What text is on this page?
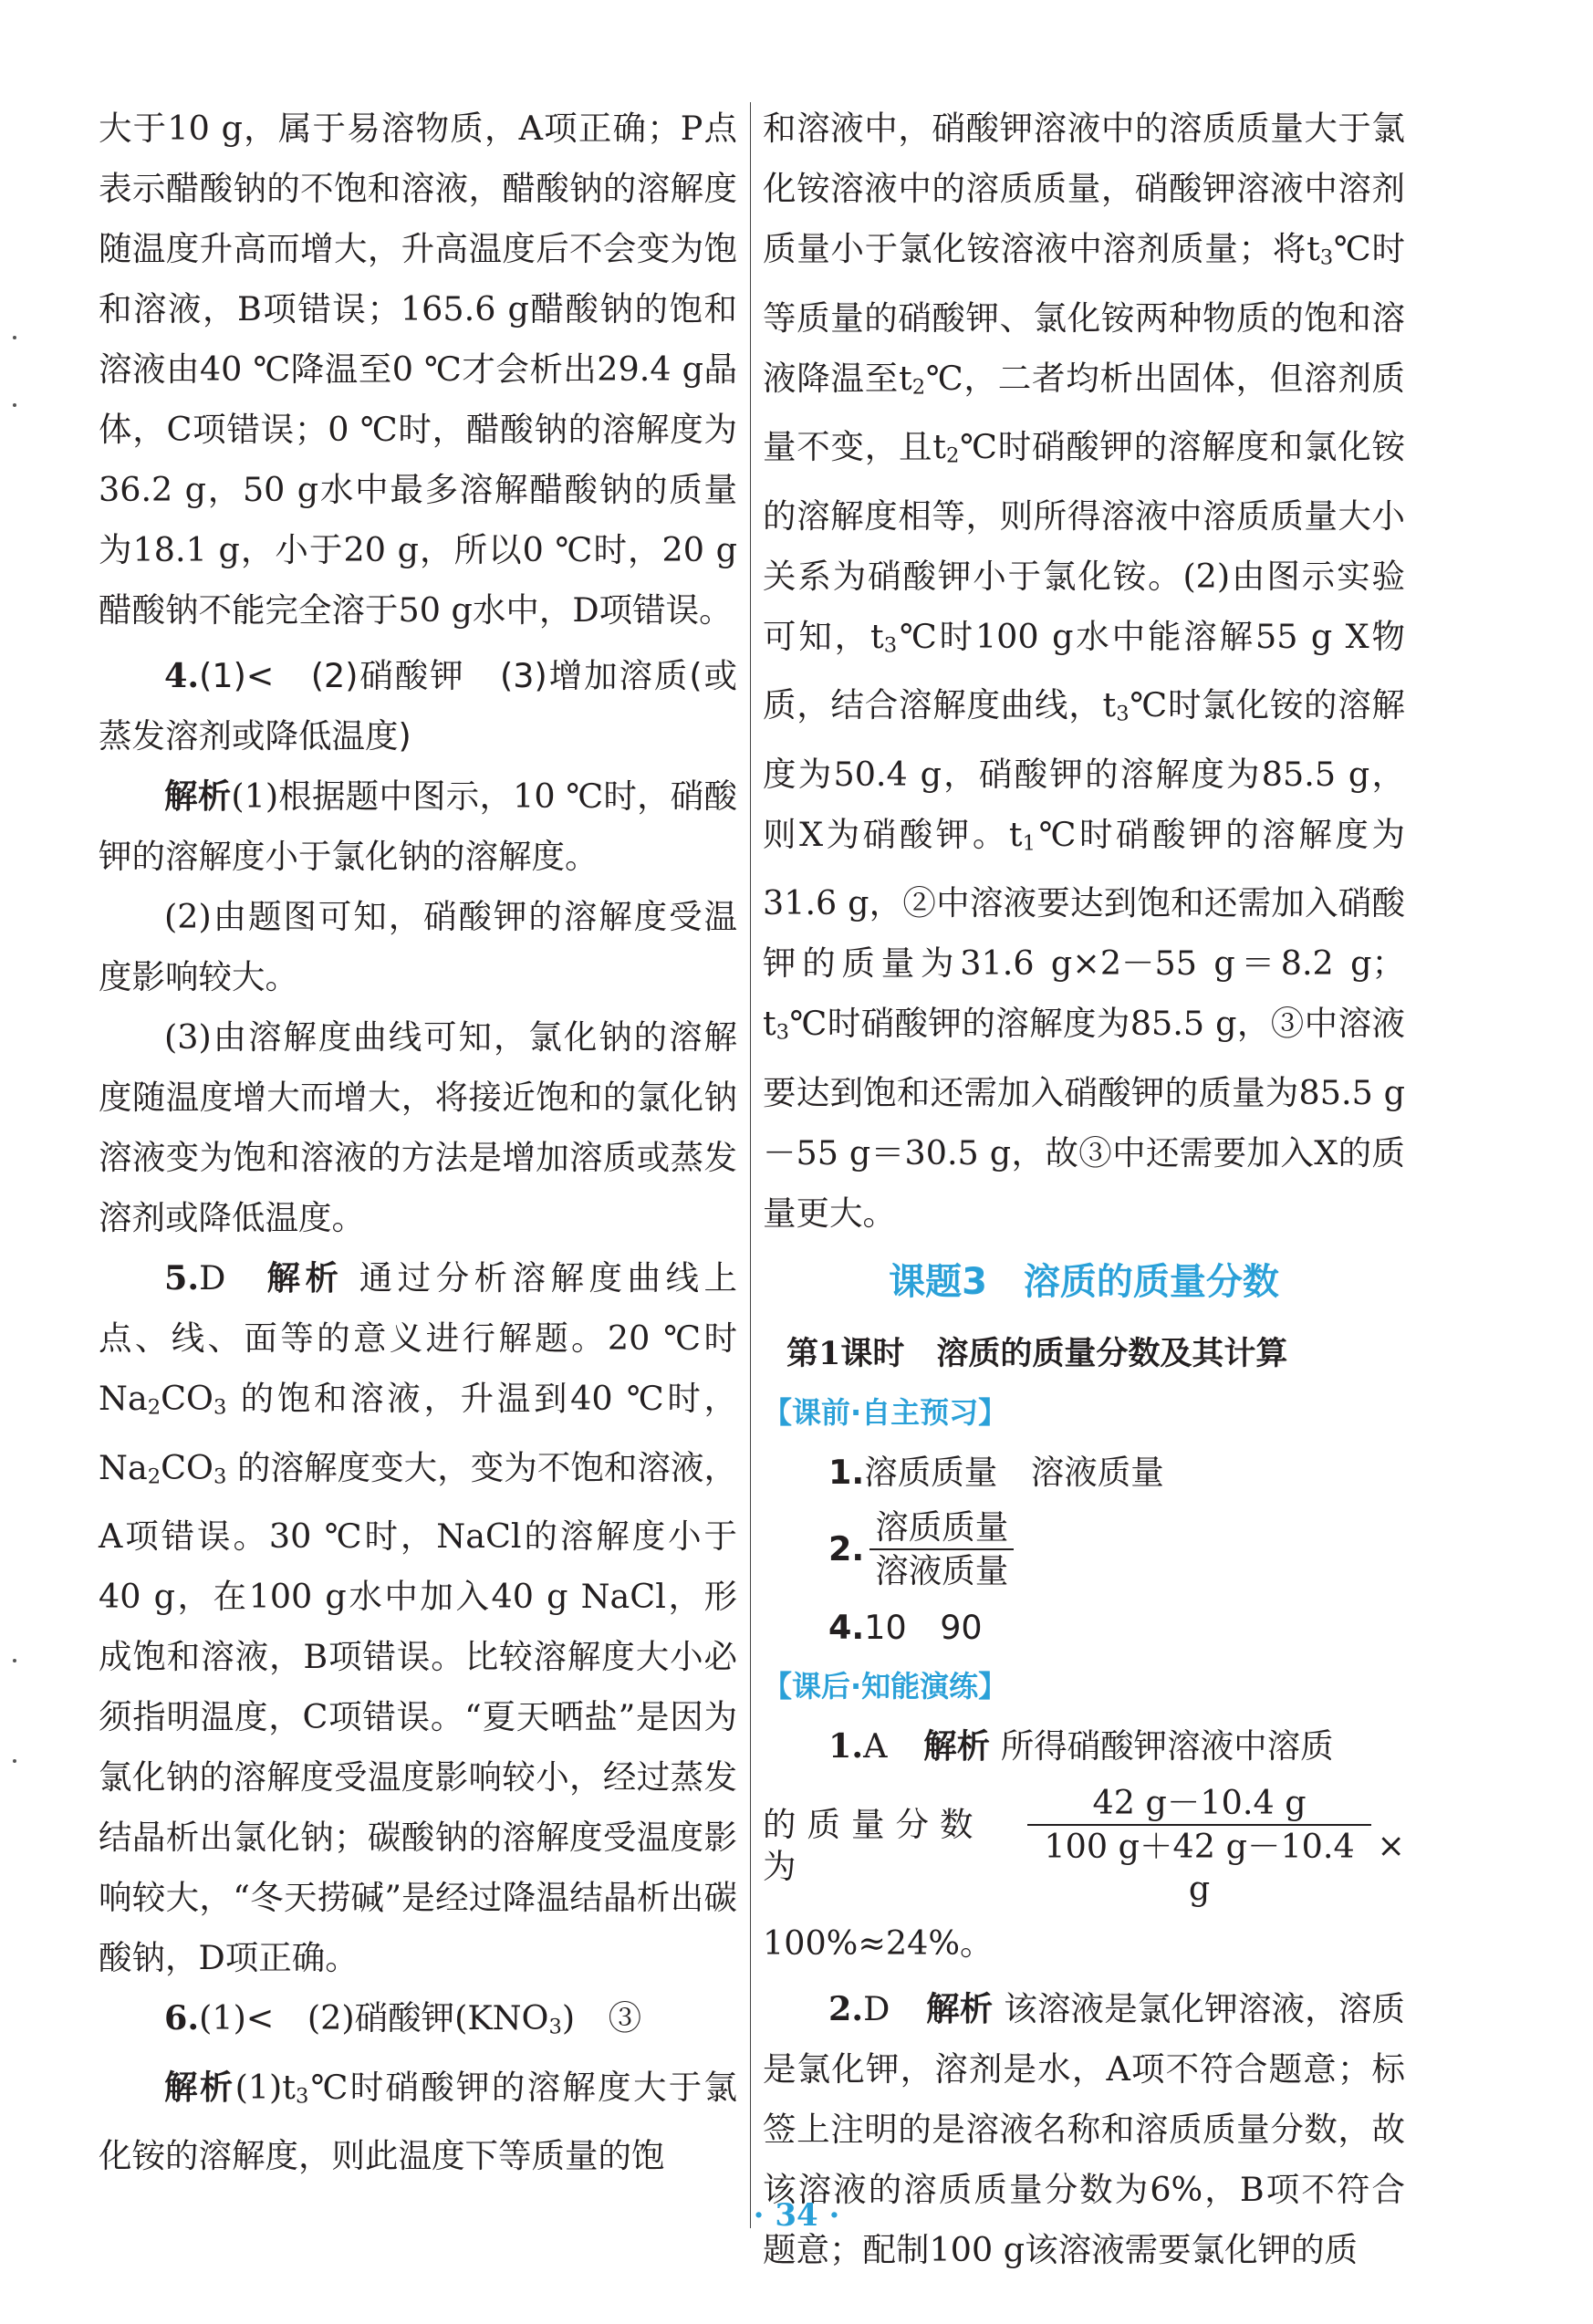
大于10 g，属于易溶物质，A项正确；P点表示醋酸钠的不饱和溶液，醋酸钠的溶解度随温度升高而增大，升高温度后不会变为饱和溶液，B项错误；165.6 g醋酸钠的饱和溶液由40 ℃降温至0 ℃才会析出29.4 g晶体，C项错误；0 ℃时，醋酸钠的溶解度为36.2 g，50 g水中最多溶解醋酸钠的质量为18.1 g，小于20 g，所以0 ℃时，20 g醋酸钠不能完全溶于50 g水中，D项错误。

4.(1)<　(2)硝酸钾　(3)增加溶质(或蒸发溶剂或降低温度)

解析(1)根据题中图示，10 ℃时，硝酸钾的溶解度小于氯化钠的溶解度。

(2)由题图可知，硝酸钾的溶解度受温度影响较大。

(3)由溶解度曲线可知，氯化钠的溶解度随温度增大而增大，将接近饱和的氯化钠溶液变为饱和溶液的方法是增加溶质或蒸发溶剂或降低温度。

5.D 解析 通过分析溶解度曲线上点、线、面等的意义进行解题。20 ℃时$Na_2CO_3$ 的饱和溶液，升温到40 ℃时，$Na_2CO_3$ 的溶解度变大，变为不饱和溶液，A项错误。30 ℃时，NaCl的溶解度小于40 g，在100 g水中加入40 g NaCl，形成饱和溶液，B项错误。比较溶解度大小必须指明温度，C项错误。“夏天晒盐”是因为氯化钠的溶解度受温度影响较小，经过蒸发结晶析出氯化钠；碳酸钠的溶解度受温度影响较大，“冬天捞碱”是经过降温结晶析出碳酸钠，D项正确。

6.(1)<　(2)硝酸钾$(KNO_3)$　③

解析$(1)t_3℃$时硝酸钾的溶解度大于氯化铵的溶解度，则此温度下等质量的饱

和溶液中，硝酸钾溶液中的溶质质量大于氯化铵溶液中的溶质质量，硝酸钾溶液中溶剂质量小于氯化铵溶液中溶剂质量；将$t_3℃$时等质量的硝酸钾、氯化铵两种物质的饱和溶液降温至$t_2℃$，二者均析出固体，但溶剂质量不变，且$t_2℃$时硝酸钾的溶解度和氯化铵的溶解度相等，则所得溶液中溶质质量大小关系为硝酸钾小于氯化铵。(2)由图示实验可知，$t_3℃$时100 g水中能溶解55 g X物质，结合溶解度曲线，$t_3℃$时氯化铵的溶解度为50.4 g，硝酸钾的溶解度为85.5 g，则X为硝酸钾。$t_1℃$时硝酸钾的溶解度为31.6 g，②中溶液要达到饱和还需加入硝酸钾的质量为31.6 g×2－55 g＝8.2 g；$t_3℃$时硝酸钾的溶解度为85.5 g，③中溶液要达到饱和还需加入硝酸钾的质量为85.5 g－55 g＝30.5 g，故③中还需要加入X的质量更大。

课题3　溶质的质量分数
第1课时　溶质的质量分数及其计算
【课前·自主预习】

1.溶质质量　溶液质量

2. $\frac{\text{溶质质量}}{\text{溶液质量}}$

4.10　90

【课后·知能演练】

1.A 解析 所得硝酸钾溶液中溶质

的质量分数为	$\frac{42 g-10.4 g}{100 g+42 g-10.4 g}$ ×

100%≈24%。

2.D 解析 该溶液是氯化钾溶液，溶质是氯化钾，溶剂是水，A项不符合题意；标签上注明的是溶液名称和溶质质量分数，故该溶液的溶质质量分数为6%，B项不符合题意；配制100 g该溶液需要氯化钾的质

· 34 ·
